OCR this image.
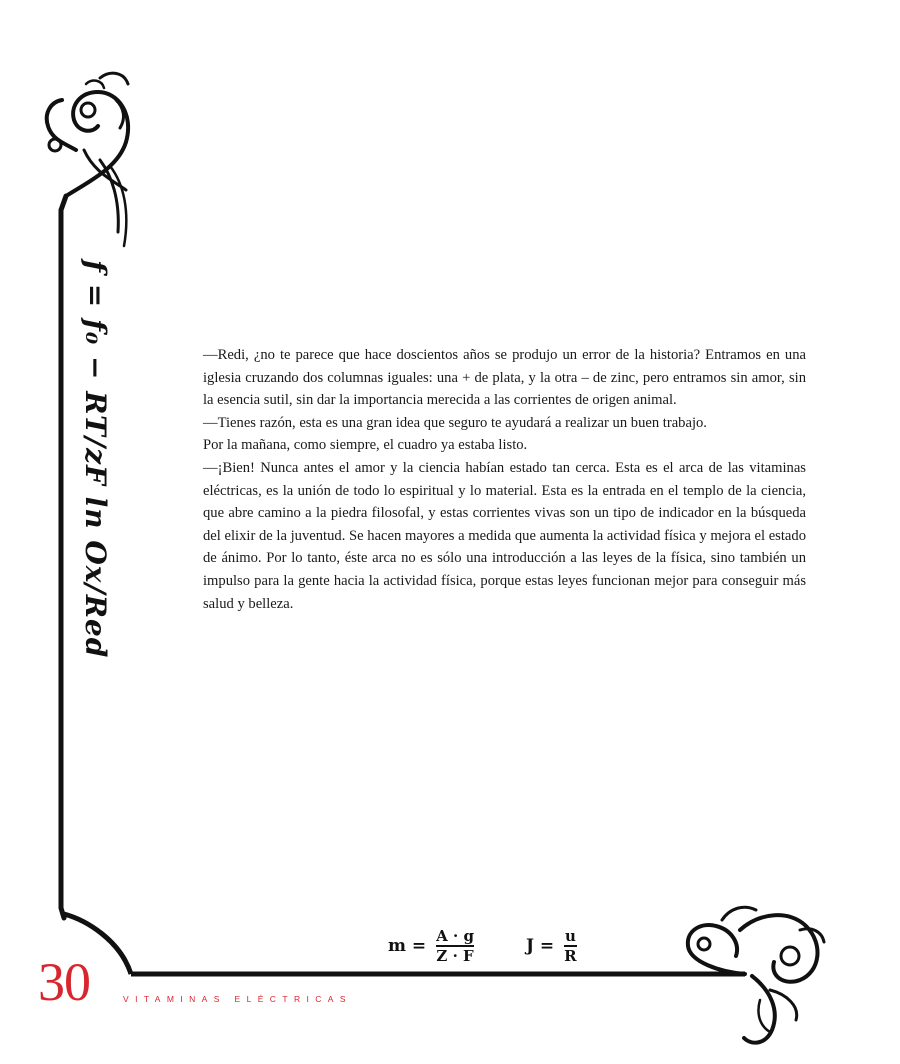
f = f₀ − RT/zF ln Ox/Red	—Redi, ¿no te parece que hace doscientos años se produjo un error de la historia? Entramos en una iglesia cruzando dos columnas iguales: una + de plata, y la otra – de zinc, pero entramos sin amor, sin la esencia sutil, sin dar la importancia merecida a las corrientes de origen animal.

—Tienes razón, esta es una gran idea que seguro te ayudará a realizar un buen trabajo.

Por la mañana, como siempre, el cuadro ya estaba listo.

—¡Bien! Nunca antes el amor y la ciencia habían estado tan cerca. Esta es el arca de las vitaminas eléctricas, es la unión de todo lo espiritual y lo material. Esta es la entrada en el templo de la ciencia, que abre camino a la piedra filosofal, y estas corrientes vivas son un tipo de indicador en la búsqueda del elixir de la juventud. Se hacen mayores a medida que aumenta la actividad física y mejora el estado de ánimo. Por lo tanto, éste arca no es sólo una introducción a las leyes de la física, sino también un impulso para la gente hacia la actividad física, porque estas leyes funcionan mejor para conseguir más salud y belleza.

$m = \frac{A \cdot g}{Z \cdot F}$	$J = \frac{u}{R}$
30	VITAMINAS ELÉCTRICAS
